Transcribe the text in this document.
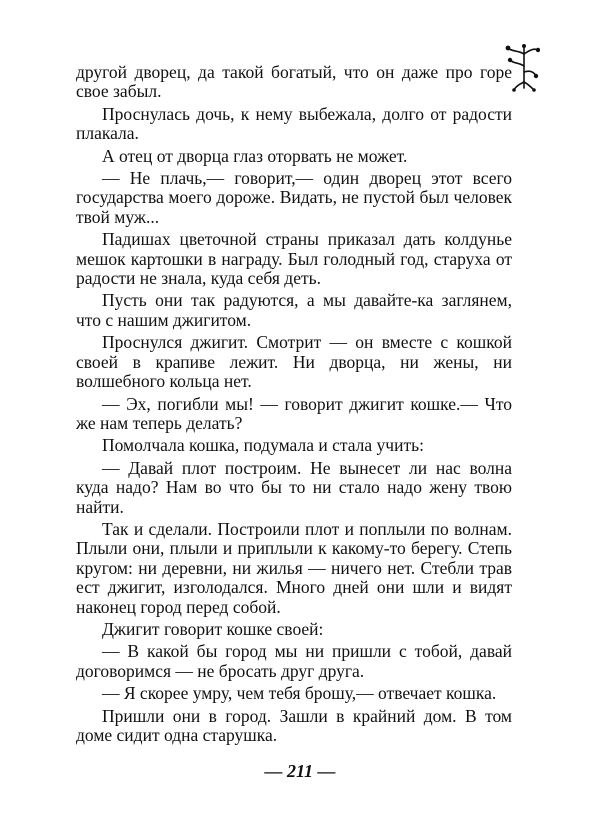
другой дворец, да такой богатый, что он даже про горе свое забыл.

Проснулась дочь, к нему выбежала, долго от радости плакала.

А отец от дворца глаз оторвать не может.

— Не плачь,— говорит,— один дворец этот всего государства моего дороже. Видать, не пустой был человек твой муж...

Падишах цветочной страны приказал дать колдунье мешок картошки в награду. Был голодный год, старуха от радости не знала, куда себя деть.

Пусть они так радуются, а мы давайте-ка заглянем, что с нашим джигитом.

Проснулся джигит. Смотрит — он вместе с кошкой своей в крапиве лежит. Ни дворца, ни жены, ни волшебного кольца нет.

— Эх, погибли мы! — говорит джигит кошке.— Что же нам теперь делать?

Помолчала кошка, подумала и стала учить:

— Давай плот построим. Не вынесет ли нас волна куда надо? Нам во что бы то ни стало надо жену твою найти.

Так и сделали. Построили плот и поплыли по волнам. Плыли они, плыли и приплыли к какому-то берегу. Степь кругом: ни деревни, ни жилья — ничего нет. Стебли трав ест джигит, изголодался. Много дней они шли и видят наконец город перед собой.

Джигит говорит кошке своей:

— В какой бы город мы ни пришли с тобой, давай договоримся — не бросать друг друга.

— Я скорее умру, чем тебя брошу,— отвечает кошка.

Пришли они в город. Зашли в крайний дом. В том доме сидит одна старушка.

— 211 —
